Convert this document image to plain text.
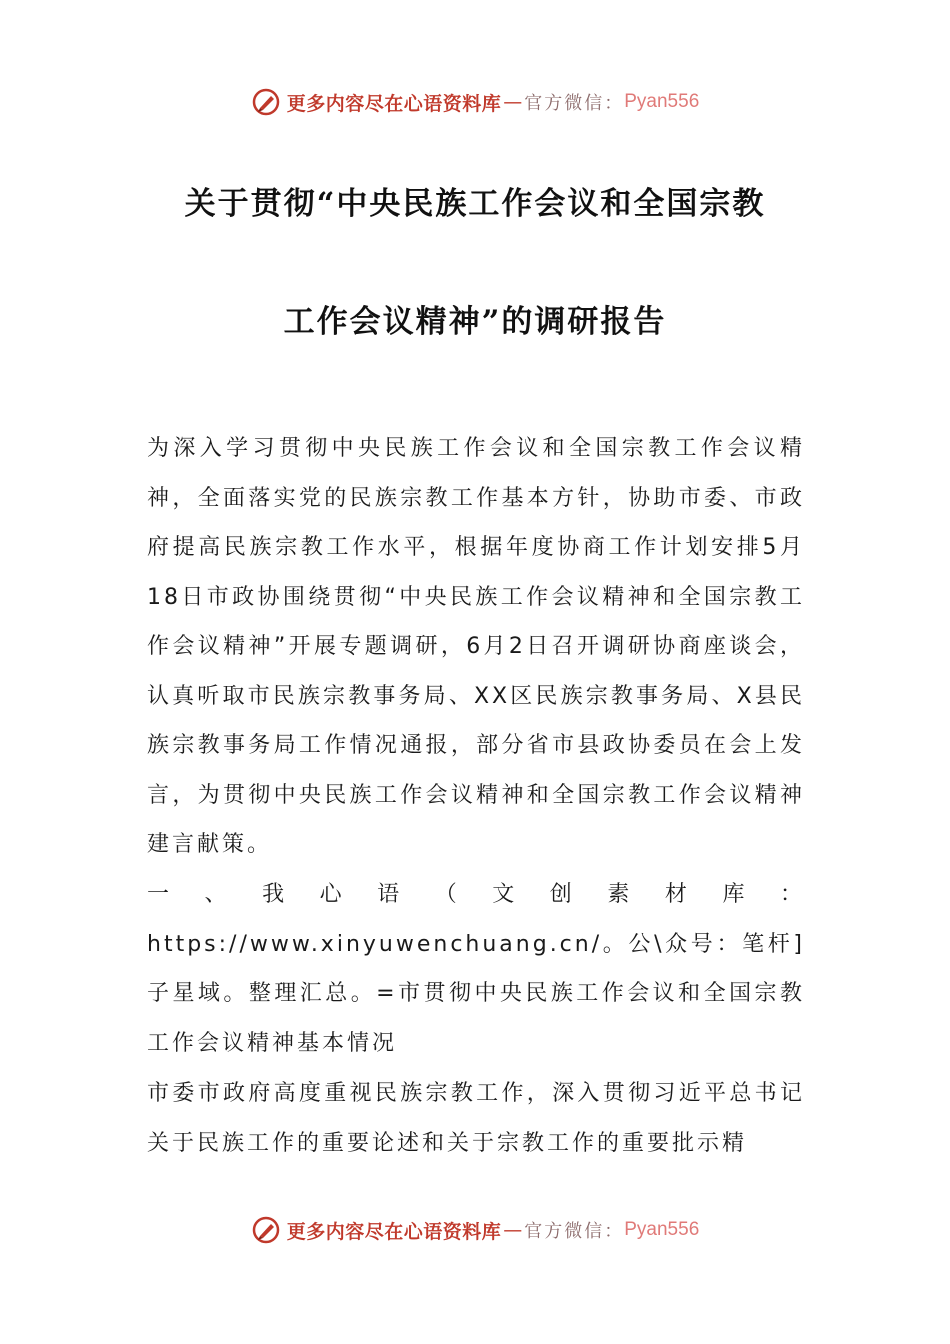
更多内容尽在心语资料库 — 官方微信： Pyan556
关于贯彻“中央民族工作会议和全国宗教
工作会议精神”的调研报告
为深入学习贯彻中央民族工作会议和全国宗教工作会议精神，全面落实党的民族宗教工作基本方针，协助市委、市政府提高民族宗教工作水平，根据年度协商工作计划安排5月18日市政协围绕贯彻“中央民族工作会议精神和全国宗教工作会议精神”开展专题调研，6月2日召开调研协商座谈会，认真听取市民族宗教事务局、XX区民族宗教事务局、X县民族宗教事务局工作情况通报，部分省市县政协委员在会上发言，为贯彻中央民族工作会议精神和全国宗教工作会议精神建言献策。
一、我心语（文创素材库：https://www.xinyuwenchuang.cn/。公\众号：笔杆]子星域。整理汇总。=市贯彻中央民族工作会议和全国宗教工作会议精神基本情况
市委市政府高度重视民族宗教工作，深入贯彻习近平总书记关于民族工作的重要论述和关于宗教工作的重要批示精
更多内容尽在心语资料库 — 官方微信： Pyan556
